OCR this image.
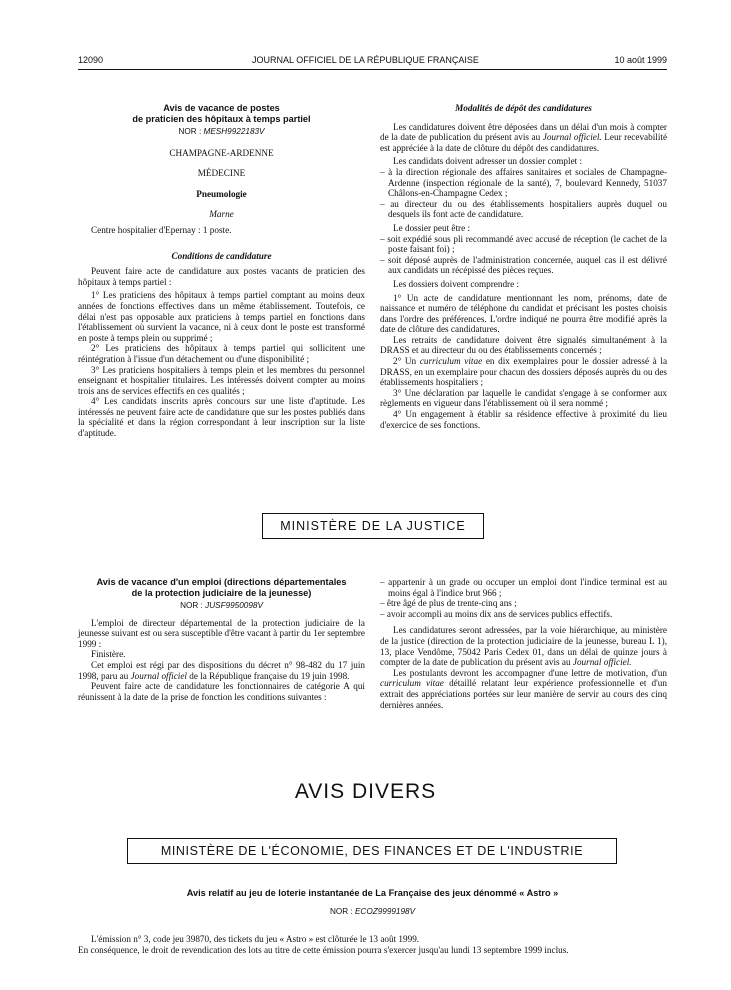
12090	JOURNAL OFFICIEL DE LA RÉPUBLIQUE FRANÇAISE	10 août 1999
Avis de vacance de postes
de praticien des hôpitaux à temps partiel
NOR : MESH9922183V

CHAMPAGNE-ARDENNE

MÉDECINE

Pneumologie

Marne

Centre hospitalier d'Epernay : 1 poste.

Conditions de candidature

Peuvent faire acte de candidature aux postes vacants de praticien des hôpitaux à temps partiel :

1° Les praticiens des hôpitaux à temps partiel comptant au moins deux années de fonctions effectives dans un même établissement. Toutefois, ce délai n'est pas opposable aux praticiens à temps partiel en fonctions dans l'établissement où survient la vacance, ni à ceux dont le poste est transformé en poste à temps plein ou supprimé ;

2° Les praticiens des hôpitaux à temps partiel qui sollicitent une réintégration à l'issue d'un détachement ou d'une disponibilité ;

3° Les praticiens hospitaliers à temps plein et les membres du personnel enseignant et hospitalier titulaires. Les intéressés doivent compter au moins trois ans de services effectifs en ces qualités ;

4° Les candidats inscrits après concours sur une liste d'aptitude. Les intéressés ne peuvent faire acte de candidature que sur les postes publiés dans la spécialité et dans la région correspondant à leur inscription sur la liste d'aptitude.

Modalités de dépôt des candidatures

Les candidatures doivent être déposées dans un délai d'un mois à compter de la date de publication du présent avis au Journal officiel. Leur recevabilité est appréciée à la date de clôture du dépôt des candidatures.

Les candidats doivent adresser un dossier complet :

– à la direction régionale des affaires sanitaires et sociales de Champagne-Ardenne (inspection régionale de la santé), 7, boulevard Kennedy, 51037 Châlons-en-Champagne Cedex ;

– au directeur du ou des établissements hospitaliers auprès duquel ou desquels ils font acte de candidature.

Le dossier peut être :

– soit expédié sous pli recommandé avec accusé de réception (le cachet de la poste faisant foi) ;

– soit déposé auprès de l'administration concernée, auquel cas il est délivré aux candidats un récépissé des pièces reçues.

Les dossiers doivent comprendre :

1° Un acte de candidature mentionnant les nom, prénoms, date de naissance et numéro de téléphone du candidat et précisant les postes choisis dans l'ordre des préférences. L'ordre indiqué ne pourra être modifié après la date de clôture des candidatures.

Les retraits de candidature doivent être signalés simultanément à la DRASS et au directeur du ou des établissements concernés ;

2° Un curriculum vitae en dix exemplaires pour le dossier adressé à la DRASS, en un exemplaire pour chacun des dossiers déposés auprès du ou des établissements hospitaliers ;

3° Une déclaration par laquelle le candidat s'engage à se conformer aux règlements en vigueur dans l'établissement où il sera nommé ;

4° Un engagement à établir sa résidence effective à proximité du lieu d'exercice de ses fonctions.

MINISTÈRE DE LA JUSTICE
Avis de vacance d'un emploi (directions départementales
de la protection judiciaire de la jeunesse)
NOR : JUSF9950098V

L'emploi de directeur départemental de la protection judiciaire de la jeunesse suivant est ou sera susceptible d'être vacant à partir du 1er septembre 1999 :

Finistère.

Cet emploi est régi par des dispositions du décret n° 98-482 du 17 juin 1998, paru au Journal officiel de la République française du 19 juin 1998.

Peuvent faire acte de candidature les fonctionnaires de catégorie A qui réunissent à la date de la prise de fonction les conditions suivantes :

– appartenir à un grade ou occuper un emploi dont l'indice terminal est au moins égal à l'indice brut 966 ;

– être âgé de plus de trente-cinq ans ;

– avoir accompli au moins dix ans de services publics effectifs.

Les candidatures seront adressées, par la voie hiérarchique, au ministère de la justice (direction de la protection judiciaire de la jeunesse, bureau L 1), 13, place Vendôme, 75042 Paris Cedex 01, dans un délai de quinze jours à compter de la date de publication du présent avis au Journal officiel.

Les postulants devront les accompagner d'une lettre de motivation, d'un curriculum vitae détaillé relatant leur expérience professionnelle et d'un extrait des appréciations portées sur leur manière de servir au cours des cinq dernières années.

AVIS DIVERS
MINISTÈRE DE L'ÉCONOMIE, DES FINANCES ET DE L'INDUSTRIE
Avis relatif au jeu de loterie instantanée de La Française des jeux dénommé « Astro »
NOR : ECOZ9999198V

L'émission n° 3, code jeu 39870, des tickets du jeu « Astro » est clôturée le 13 août 1999.

En conséquence, le droit de revendication des lots au titre de cette émission pourra s'exercer jusqu'au lundi 13 septembre 1999 inclus.
